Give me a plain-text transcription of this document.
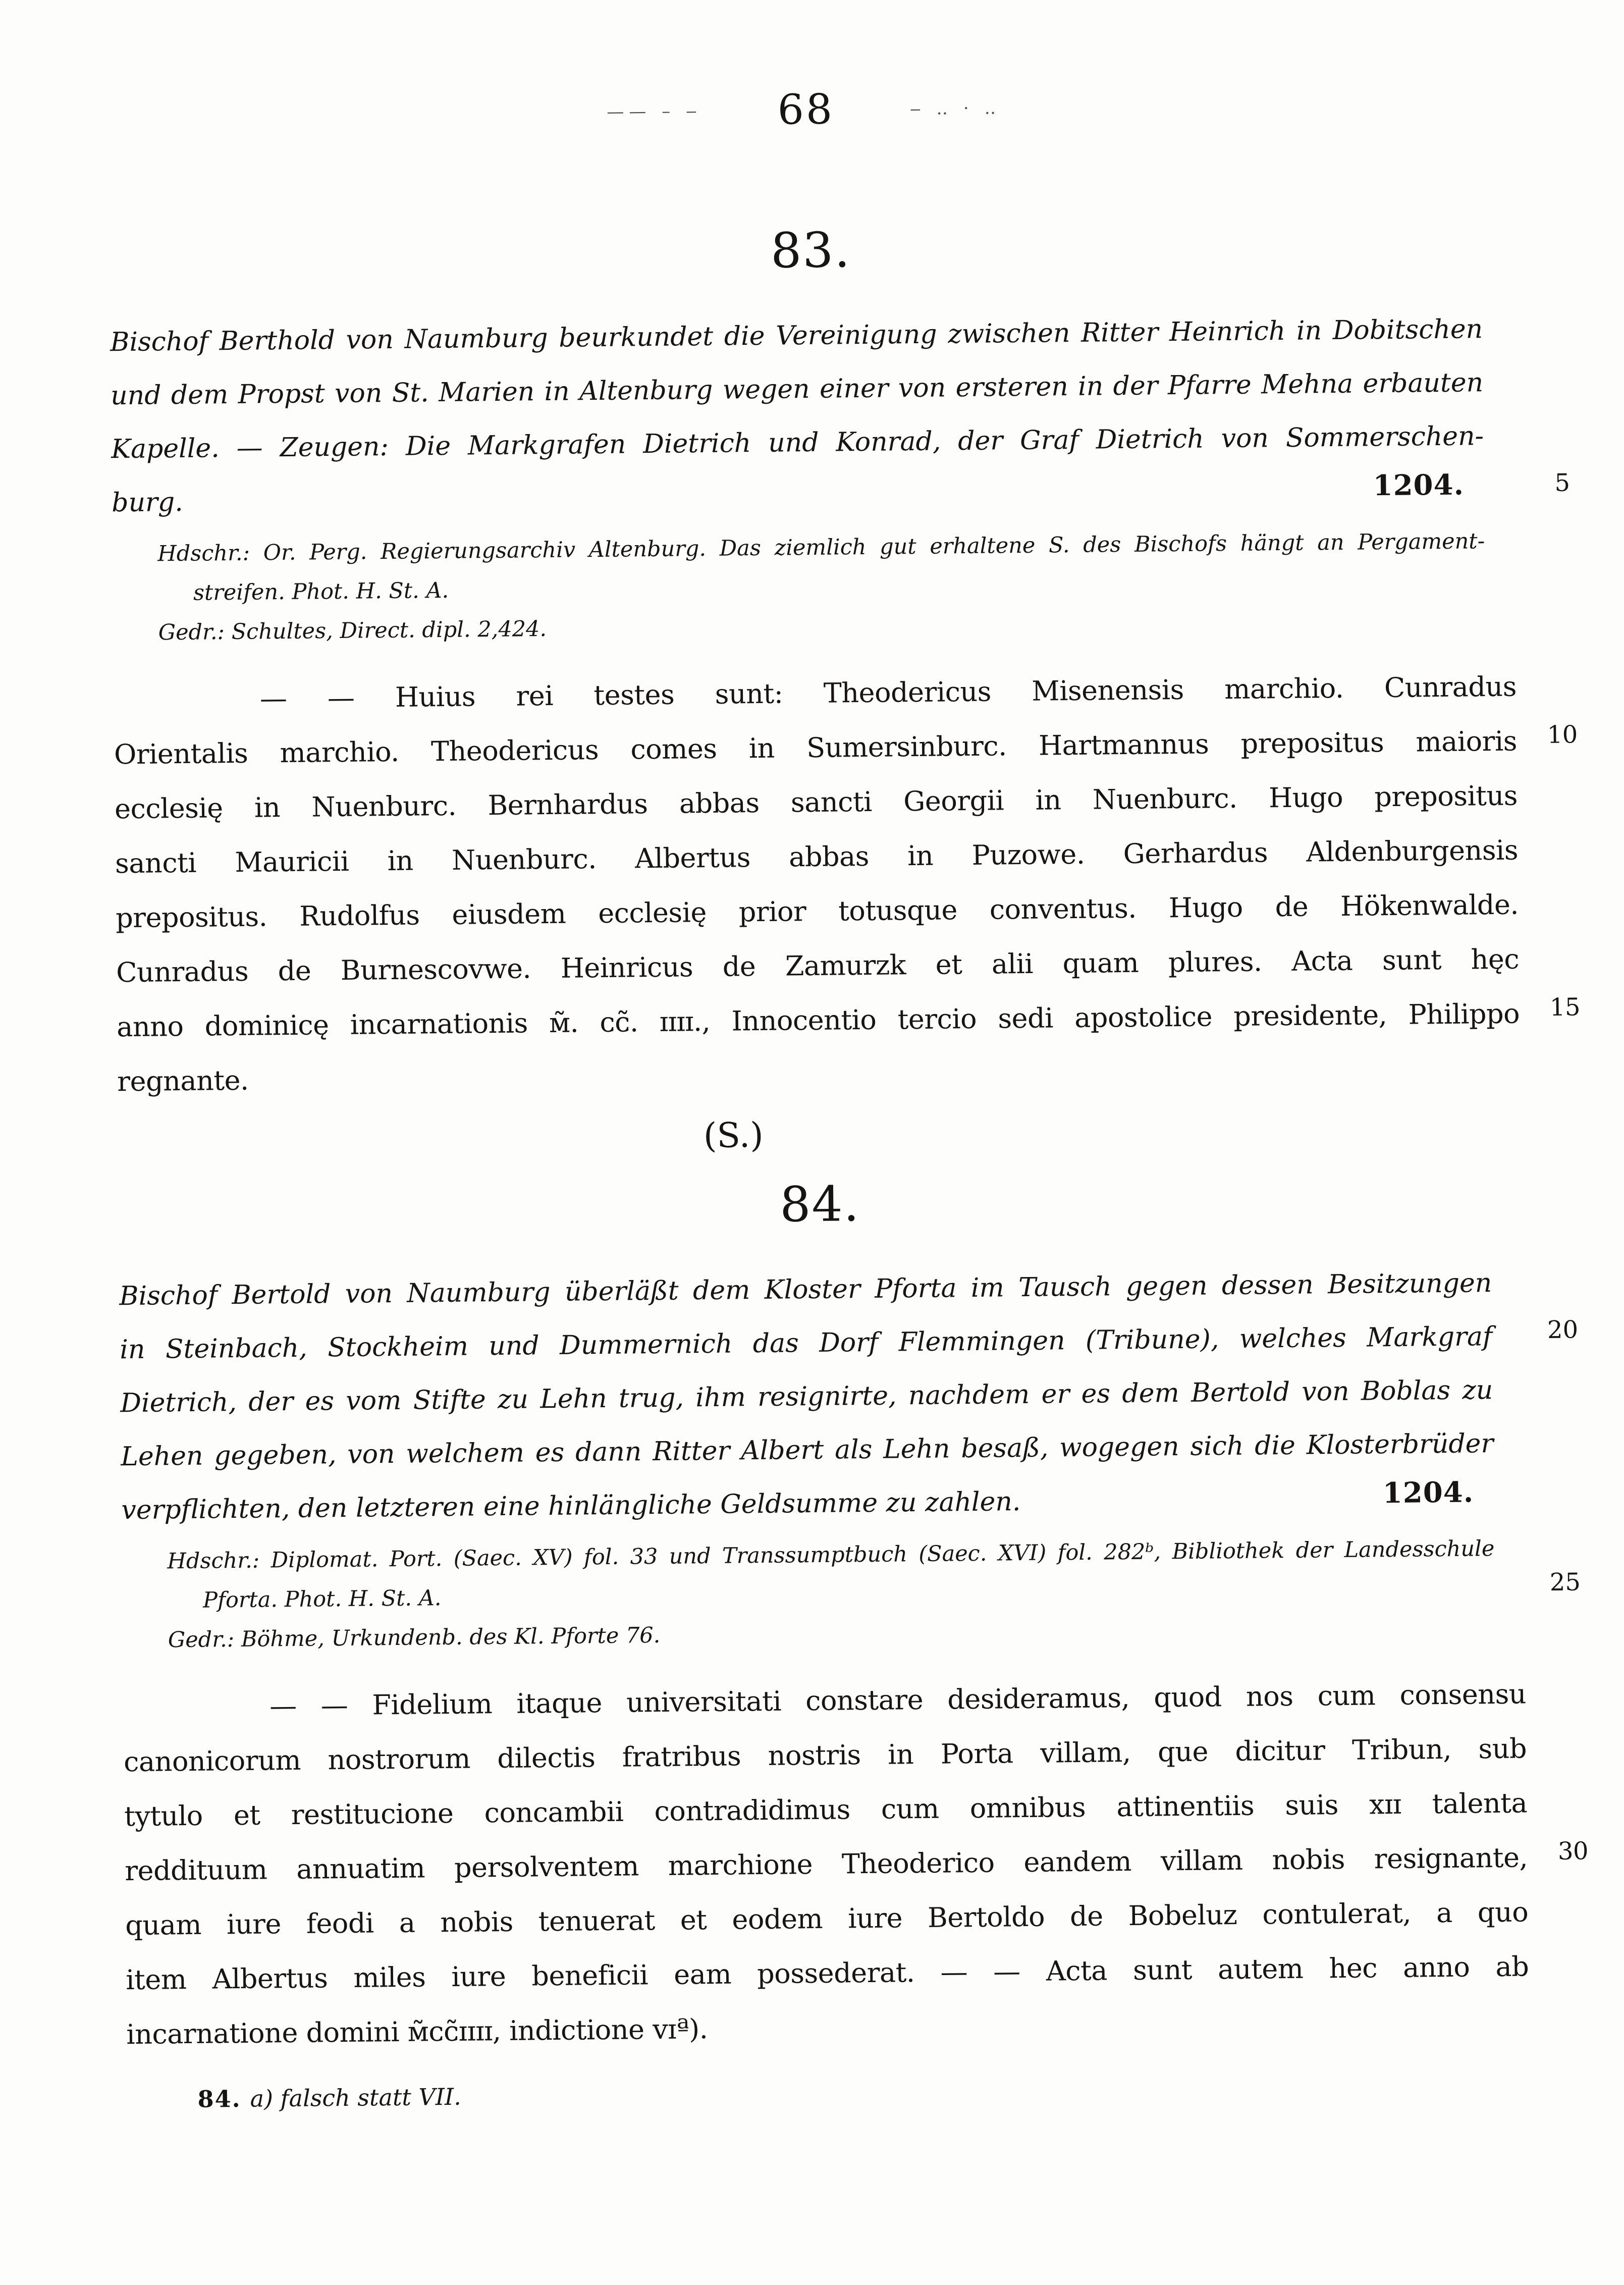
—— – ‒ 68	‒ ‥ · ‥
83.
Bischof Berthold von Naumburg beurkundet die Vereinigung zwischen Ritter Heinrich in Dobitschen
und dem Propst von St. Marien in Altenburg wegen einer von ersteren in der Pfarre Mehna erbauten
Kapelle. — Zeugen: Die Markgrafen Dietrich und Konrad, der Graf Dietrich von Sommerschen-
burg.
1204.	5
Hdschr.: Or. Perg. Regierungsarchiv Altenburg. Das ziemlich gut erhaltene S. des Bischofs hängt an Pergament-
streifen. Phot. H. St. A.
Gedr.: Schultes, Direct. dipl. 2,424.
— — Huius rei testes sunt: Theodericus Misenensis marchio. Cunradus
Orientalis marchio. Theodericus comes in Sumersinburc. Hartmannus prepositus maioris 10
ecclesię in Nuenburc. Bernhardus abbas sancti Georgii in Nuenburc. Hugo prepositus
sancti Mauricii in Nuenburc. Albertus abbas in Puzowe. Gerhardus Aldenburgensis
prepositus. Rudolfus eiusdem ecclesię prior totusque conventus. Hugo de Hökenwalde.
Cunradus de Burnescovwe. Heinricus de Zamurzk et alii quam plures. Acta sunt hęc
anno dominicę incarnationis ᴍ̃. ᴄᴄ̃. ɪɪɪɪ., Innocentio tercio sedi apostolice presidente, Philippo 15
regnante.
(S.)
84.
Bischof Bertold von Naumburg überläßt dem Kloster Pforta im Tausch gegen dessen Besitzungen
in Steinbach, Stockheim und Dummernich das Dorf Flemmingen (Tribune), welches Markgraf 20
Dietrich, der es vom Stifte zu Lehn trug, ihm resignirte, nachdem er es dem Bertold von Boblas zu
Lehen gegeben, von welchem es dann Ritter Albert als Lehn besaß, wogegen sich die Klosterbrüder
verpflichten, den letzteren eine hinlängliche Geldsumme zu zahlen.	1204.
Hdschr.: Diplomat. Port. (Saec. XV) fol. 33 und Transsumptbuch (Saec. XVI) fol. 282ᵇ, Bibliothek der Landesschule
Pforta. Phot. H. St. A.
Gedr.: Böhme, Urkundenb. des Kl. Pforte 76.
25
— — Fidelium itaque universitati constare desideramus, quod nos cum consensu
canonicorum nostrorum dilectis fratribus nostris in Porta villam, que dicitur Tribun, sub
tytulo et restitucione concambii contradidimus cum omnibus attinentiis suis xɪɪ talenta
reddituum annuatim persolventem marchione Theoderico eandem villam nobis resignante, 30
quam iure feodi a nobis tenuerat et eodem iure Bertoldo de Bobeluz contulerat, a quo
item Albertus miles iure beneficii eam possederat. — — Acta sunt autem hec anno ab
incarnatione domini ᴍ̃ᴄᴄ̃ɪɪɪɪ, indictione ᴠɪª).
84. a) falsch statt VII.
